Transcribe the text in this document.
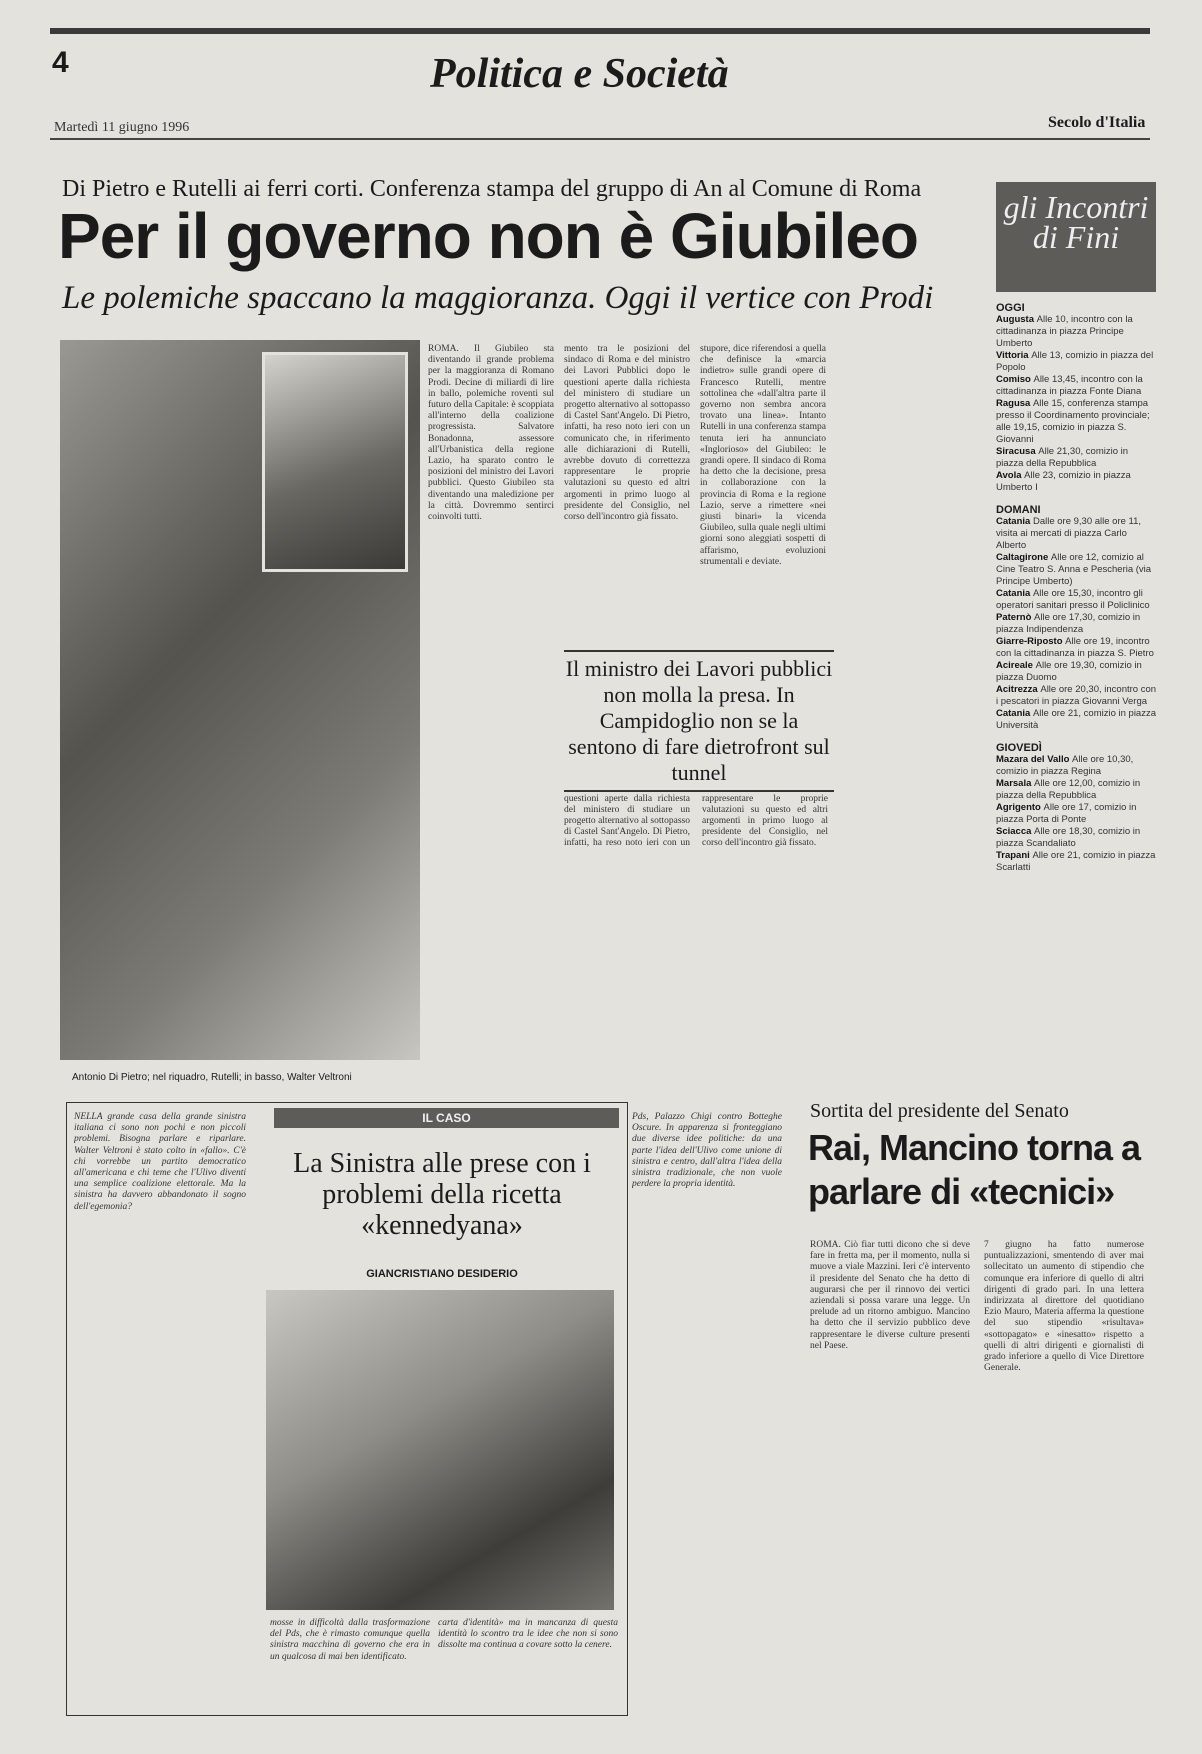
4	Politica e Società
Martedì 11 giugno 1996	Secolo d'Italia
Di Pietro e Rutelli ai ferri corti. Conferenza stampa del gruppo di An al Comune di Roma
Per il governo non è Giubileo
Le polemiche spaccano la maggioranza. Oggi il vertice con Prodi
Antonio Di Pietro; nel riquadro, Rutelli; in basso, Walter Veltroni
ROMA. Il Giubileo sta diventando il grande problema per la maggioranza di Romano Prodi. Decine di miliardi di lire in ballo, polemiche roventi sul futuro della Capitale: è scoppiata all'interno della coalizione progressista. Salvatore Bonadonna, assessore all'Urbanistica della regione Lazio, ha sparato contro le posizioni del ministro dei Lavori pubblici. Questo Giubileo sta diventando una maledizione per la città. Dovremmo sentirci coinvolti tutti.
mento tra le posizioni del sindaco di Roma e del ministro dei Lavori Pubblici dopo le questioni aperte dalla richiesta del ministero di studiare un progetto alternativo al sottopasso di Castel Sant'Angelo. Di Pietro, infatti, ha reso noto ieri con un comunicato che, in riferimento alle dichiarazioni di Rutelli, avrebbe dovuto di correttezza rappresentare le proprie valutazioni su questo ed altri argomenti in primo luogo al presidente del Consiglio, nel corso dell'incontro già fissato.
stupore, dice riferendosi a quella che definisce la «marcia indietro» sulle grandi opere di Francesco Rutelli, mentre sottolinea che «dall'altra parte il governo non sembra ancora trovato una linea». Intanto Rutelli in una conferenza stampa tenuta ieri ha annunciato «Inglorioso» del Giubileo: le grandi opere. Il sindaco di Roma ha detto che la decisione, presa in collaborazione con la provincia di Roma e la regione Lazio, serve a rimettere «nei giusti binari» la vicenda Giubileo, sulla quale negli ultimi giorni sono aleggiati sospetti di affarismo, evoluzioni strumentali e deviate.
questioni aperte dalla richiesta del ministero di studiare un progetto alternativo al sottopasso di Castel Sant'Angelo. Di Pietro, infatti, ha reso noto ieri con un rappresentare le proprie valutazioni su questo ed altri argomenti in primo luogo al presidente del Consiglio, nel corso dell'incontro già fissato.
Il ministro dei Lavori pubblici non molla la presa. In Campidoglio non se la sentono di fare dietrofront sul tunnel
gli Incontri di Fini
OGGI
Augusta Alle 10, incontro con la cittadinanza in piazza Principe Umberto
Vittoria Alle 13, comizio in piazza del Popolo
Comiso Alle 13,45, incontro con la cittadinanza in piazza Fonte Diana
Ragusa Alle 15, conferenza stampa presso il Coordinamento provinciale; alle 19,15, comizio in piazza S. Giovanni
Siracusa Alle 21,30, comizio in piazza della Repubblica
Avola Alle 23, comizio in piazza Umberto I
DOMANI
Catania Dalle ore 9,30 alle ore 11, visita ai mercati di piazza Carlo Alberto
Caltagirone Alle ore 12, comizio al Cine Teatro S. Anna e Pescheria (via Principe Umberto)
Catania Alle ore 15,30, incontro gli operatori sanitari presso il Policlinico
Paternò Alle ore 17,30, comizio in piazza Indipendenza
Giarre-Riposto Alle ore 19, incontro con la cittadinanza in piazza S. Pietro
Acireale Alle ore 19,30, comizio in piazza Duomo
Acitrezza Alle ore 20,30, incontro con i pescatori in piazza Giovanni Verga
Catania Alle ore 21, comizio in piazza Università
GIOVEDÌ
Mazara del Vallo Alle ore 10,30, comizio in piazza Regina
Marsala Alle ore 12,00, comizio in piazza della Repubblica
Agrigento Alle ore 17, comizio in piazza Porta di Ponte
Sciacca Alle ore 18,30, comizio in piazza Scandaliato
Trapani Alle ore 21, comizio in piazza Scarlatti
IL CASO
La Sinistra alle prese con i problemi della ricetta «kennedyana»
GIANCRISTIANO DESIDERIO
NELLA grande casa della grande sinistra italiana ci sono non pochi e non piccoli problemi. Bisogna parlare e riparlare. Walter Veltroni è stato colto in «fallo». C'è chi vorrebbe un partito democratico all'americana e chi teme che l'Ulivo diventi una semplice coalizione elettorale. Ma la sinistra ha davvero abbandonato il sogno dell'egemonia?
mosse in difficoltà dalla trasformazione del Pds, che è rimasto comunque quella sinistra macchina di governo che era in un qualcosa di mai ben identificato.
carta d'identità» ma in mancanza di questa identità lo scontro tra le idee che non si sono dissolte ma continua a covare sotto la cenere.
Pds, Palazzo Chigi contro Botteghe Oscure. In apparenza si fronteggiano due diverse idee politiche: da una parte l'idea dell'Ulivo come unione di sinistra e centro, dall'altra l'idea della sinistra tradizionale, che non vuole perdere la propria identità.
Sortita del presidente del Senato
Rai, Mancino torna a parlare di «tecnici»
ROMA. Ciò fiar tutti dicono che si deve fare in fretta ma, per il momento, nulla si muove a viale Mazzini. Ieri c'è intervento il presidente del Senato che ha detto di augurarsi che per il rinnovo dei vertici aziendali si possa varare una legge. Un prelude ad un ritorno ambiguo. Mancino ha detto che il servizio pubblico deve rappresentare le diverse culture presenti nel Paese.
7 giugno ha fatto numerose puntualizzazioni, smentendo di aver mai sollecitato un aumento di stipendio che comunque era inferiore di quello di altri dirigenti di grado pari. In una lettera indirizzata al direttore del quotidiano Ezio Mauro, Materia afferma la questione del suo stipendio «risultava» «sottopagato» e «inesatto» rispetto a quelli di altri dirigenti e giornalisti di grado inferiore a quello di Vice Direttore Generale.
